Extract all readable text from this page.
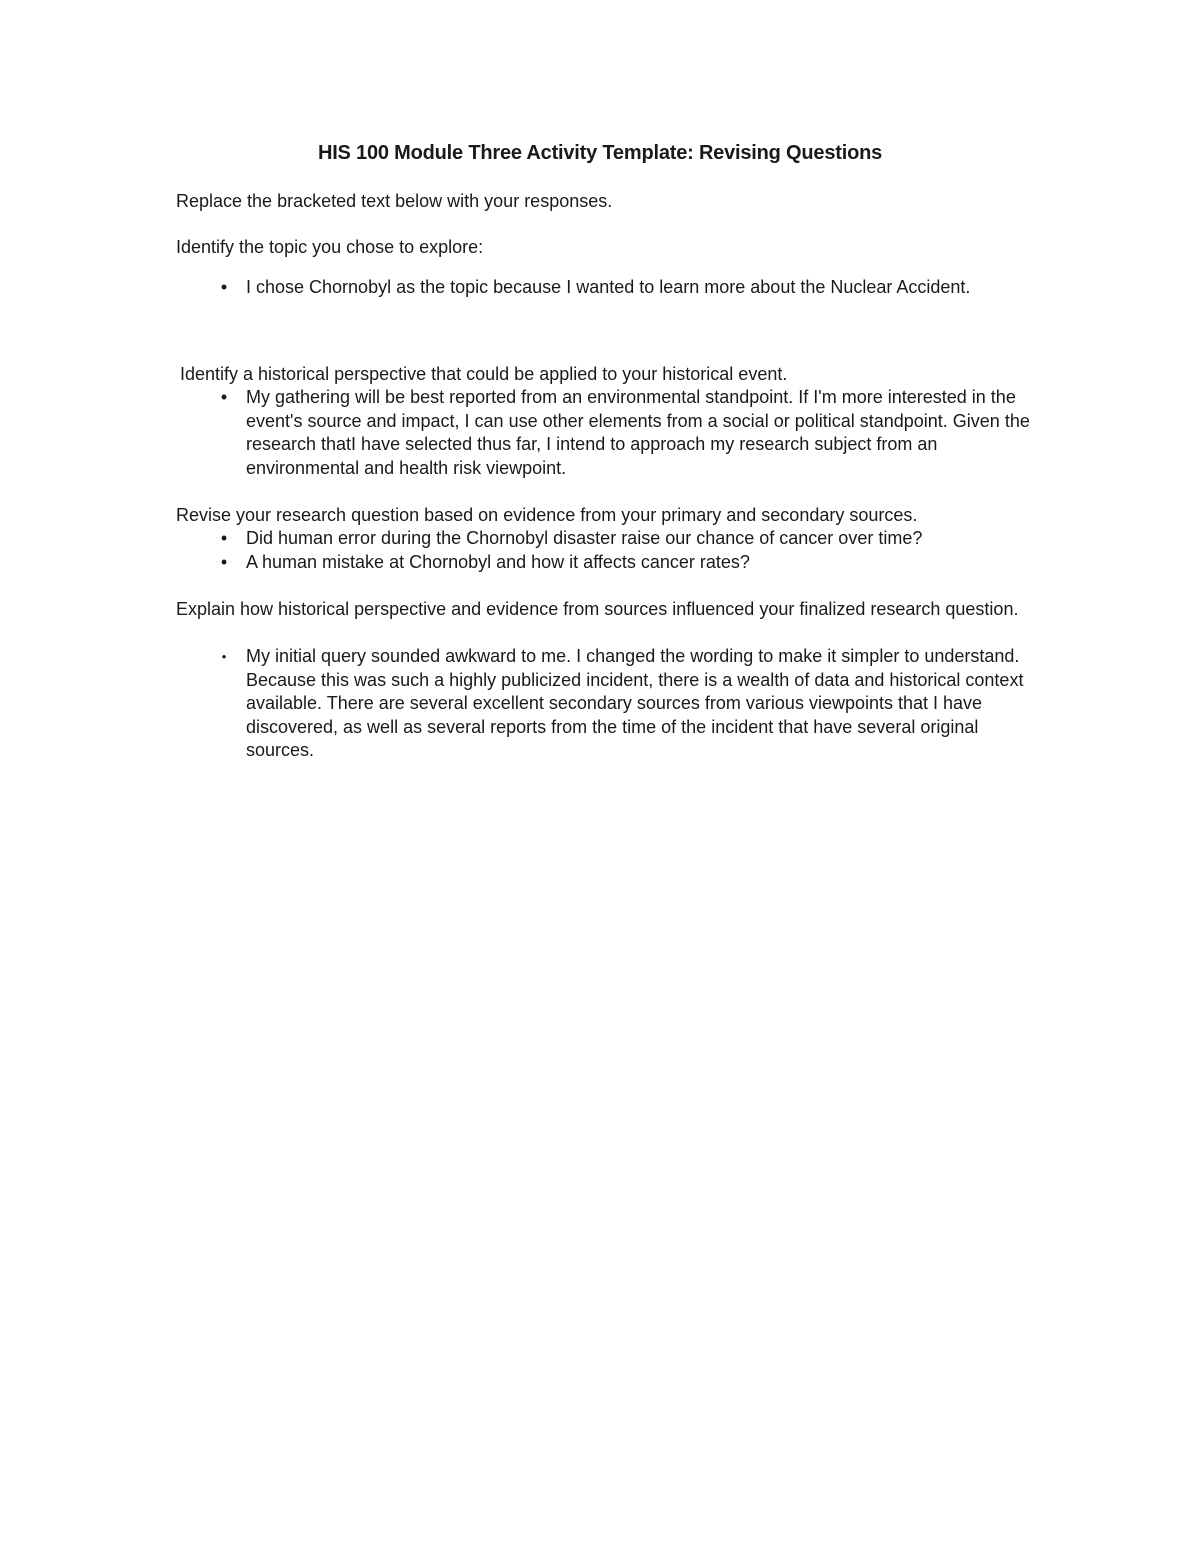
HIS 100 Module Three Activity Template: Revising Questions

Replace the bracketed text below with your responses.

Identify the topic you chose to explore:

•	I chose Chornobyl as the topic because I wanted to learn more about the Nuclear Accident.

Identify a historical perspective that could be applied to your historical event.

•	My gathering will be best reported from an environmental standpoint. If I'm more interested in the event's source and impact, I can use other elements from a social or political standpoint. Given the research thatI have selected thus far, I intend to approach my research subject from an environmental and health risk viewpoint.

Revise your research question based on evidence from your primary and secondary sources.

•	Did human error during the Chornobyl disaster raise our chance of cancer over time?
•	A human mistake at Chornobyl and how it affects cancer rates?

Explain how historical perspective and evidence from sources influenced your finalized research question.

•	My initial query sounded awkward to me. I changed the wording to make it simpler to understand. Because this was such a highly publicized incident, there is a wealth of data and historical context available. There are several excellent secondary sources from various viewpoints that I have discovered, as well as several reports from the time of the incident that have several original sources.
